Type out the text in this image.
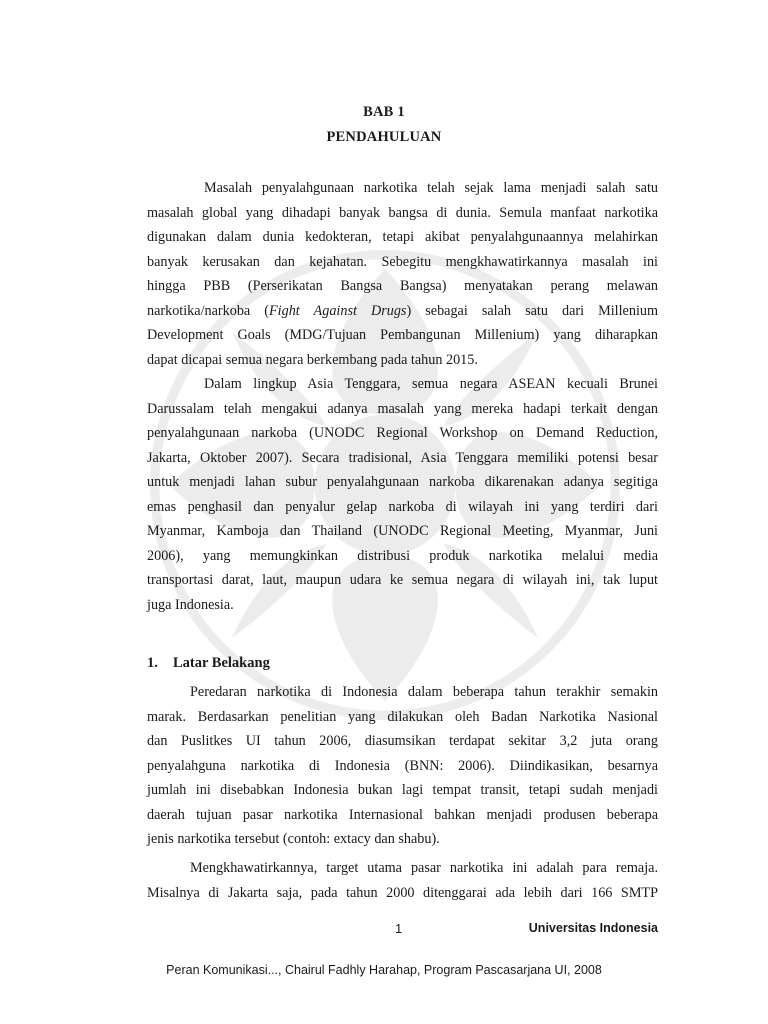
BAB 1
PENDAHULUAN
Masalah penyalahgunaan narkotika telah sejak lama menjadi salah satu
masalah global yang dihadapi banyak bangsa di dunia. Semula manfaat narkotika
digunakan dalam dunia kedokteran, tetapi akibat penyalahgunaannya melahirkan
banyak kerusakan dan kejahatan. Sebegitu mengkhawatirkannya masalah ini
hingga PBB (Perserikatan Bangsa Bangsa) menyatakan perang melawan
narkotika/narkoba (Fight Against Drugs) sebagai salah satu dari Millenium
Development Goals (MDG/Tujuan Pembangunan Millenium) yang diharapkan
dapat dicapai semua negara berkembang pada tahun 2015.
Dalam lingkup Asia Tenggara, semua negara ASEAN kecuali Brunei
Darussalam telah mengakui adanya masalah yang mereka hadapi terkait dengan
penyalahgunaan narkoba (UNODC Regional Workshop on Demand Reduction,
Jakarta, Oktober 2007). Secara tradisional, Asia Tenggara memiliki potensi besar
untuk menjadi lahan subur penyalahgunaan narkoba dikarenakan adanya segitiga
emas penghasil dan penyalur gelap narkoba di wilayah ini yang terdiri dari
Myanmar, Kamboja dan Thailand (UNODC Regional Meeting, Myanmar, Juni
2006), yang memungkinkan distribusi produk narkotika melalui media
transportasi darat, laut, maupun udara ke semua negara di wilayah ini, tak luput
juga Indonesia.
1. Latar Belakang
Peredaran narkotika di Indonesia dalam beberapa tahun terakhir semakin
marak. Berdasarkan penelitian yang dilakukan oleh Badan Narkotika Nasional
dan Puslitkes UI tahun 2006, diasumsikan terdapat sekitar 3,2 juta orang
penyalahguna narkotika di Indonesia (BNN: 2006). Diindikasikan, besarnya
jumlah ini disebabkan Indonesia bukan lagi tempat transit, tetapi sudah menjadi
daerah tujuan pasar narkotika Internasional bahkan menjadi produsen beberapa
jenis narkotika tersebut (contoh: extacy dan shabu).
Mengkhawatirkannya, target utama pasar narkotika ini adalah para remaja.
Misalnya di Jakarta saja, pada tahun 2000 ditenggarai ada lebih dari 166 SMTP
1	Universitas Indonesia
Peran Komunikasi..., Chairul Fadhly Harahap, Program Pascasarjana UI, 2008
